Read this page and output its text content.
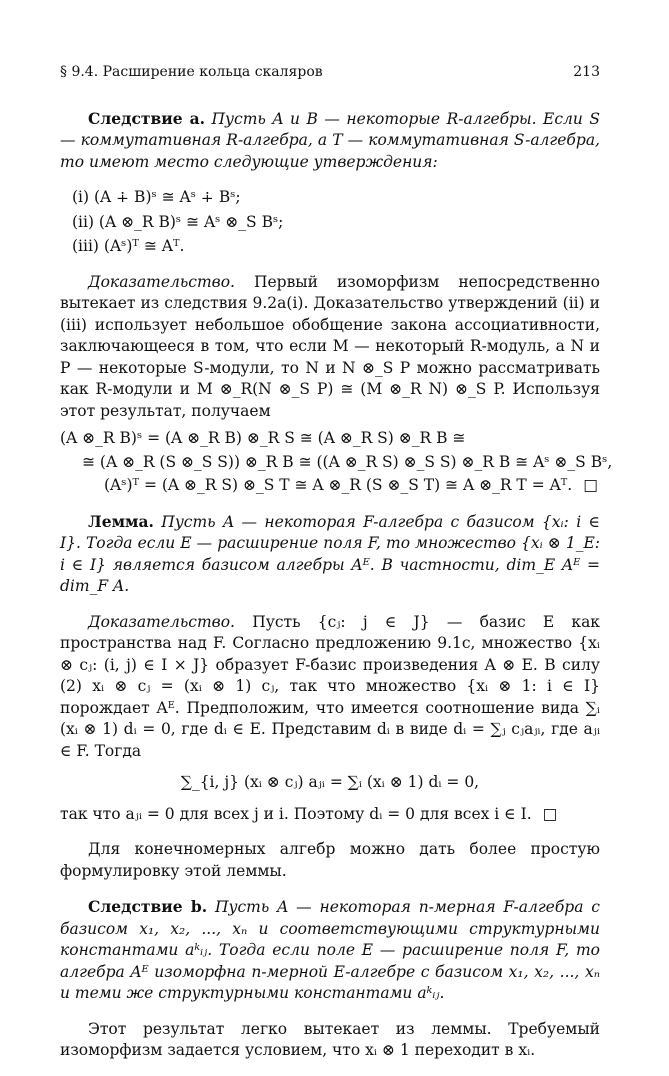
§ 9.4. Расширение кольца скаляров	213

Следствие a. Пусть A и B — некоторые R-алгебры. Если S — коммутативная R-алгебра, а T — коммутативная S-алгебра, то имеют место следующие утверждения:

(i) (A ∔ B)ˢ ≅ Aˢ ∔ Bˢ;
(ii) (A ⊗_R B)ˢ ≅ Aˢ ⊗_S Bˢ;
(iii) (Aˢ)ᵀ ≅ Aᵀ.

Доказательство. Первый изоморфизм непосредственно вытекает из следствия 9.2a(i). Доказательство утверждений (ii) и (iii) использует небольшое обобщение закона ассоциативности, заключающееся в том, что если M — некоторый R-модуль, а N и P — некоторые S-модули, то N и N ⊗_S P можно рассматривать как R-модули и M ⊗_R(N ⊗_S P) ≅ (M ⊗_R N) ⊗_S P. Используя этот результат, получаем

(A ⊗_R B)ˢ = (A ⊗_R B) ⊗_R S ≅ (A ⊗_R S) ⊗_R B ≅
≅ (A ⊗_R (S ⊗_S S)) ⊗_R B ≅ ((A ⊗_R S) ⊗_S S) ⊗_R B ≅ Aˢ ⊗_S Bˢ,
(Aˢ)ᵀ = (A ⊗_R S) ⊗_S T ≅ A ⊗_R (S ⊗_S T) ≅ A ⊗_R T = Aᵀ. □

Лемма. Пусть A — некоторая F-алгебра с базисом {xᵢ: i ∈ I}. Тогда если E — расширение поля F, то множество {xᵢ ⊗ 1_E: i ∈ I} является базисом алгебры Aᴱ. В частности, dim_E Aᴱ = dim_F A.

Доказательство. Пусть {cⱼ: j ∈ J} — базис E как пространства над F. Согласно предложению 9.1c, множество {xᵢ ⊗ cⱼ: (i, j) ∈ I × J} образует F-базис произведения A ⊗ E. В силу (2) xᵢ ⊗ cⱼ = (xᵢ ⊗ 1) cⱼ, так что множество {xᵢ ⊗ 1: i ∈ I} порождает Aᴱ. Предположим, что имеется соотношение вида ∑ᵢ (xᵢ ⊗ 1) dᵢ = 0, где dᵢ ∈ E. Представим dᵢ в виде dᵢ = ∑ⱼ cⱼaⱼᵢ, где aⱼᵢ ∈ F. Тогда

∑_{i, j} (xᵢ ⊗ cⱼ) aⱼᵢ = ∑ᵢ (xᵢ ⊗ 1) dᵢ = 0,

так что aⱼᵢ = 0 для всех j и i. Поэтому dᵢ = 0 для всех i ∈ I. □

Для конечномерных алгебр можно дать более простую формулировку этой леммы.

Следствие b. Пусть A — некоторая n-мерная F-алгебра с базисом x₁, x₂, ..., xₙ и соответствующими структурными константами aᵏᵢⱼ. Тогда если поле E — расширение поля F, то алгебра Aᴱ изоморфна n-мерной E-алгебре с базисом x₁, x₂, ..., xₙ и теми же структурными константами aᵏᵢⱼ.

Этот результат легко вытекает из леммы. Требуемый изоморфизм задается условием, что xᵢ ⊗ 1 переходит в xᵢ.
